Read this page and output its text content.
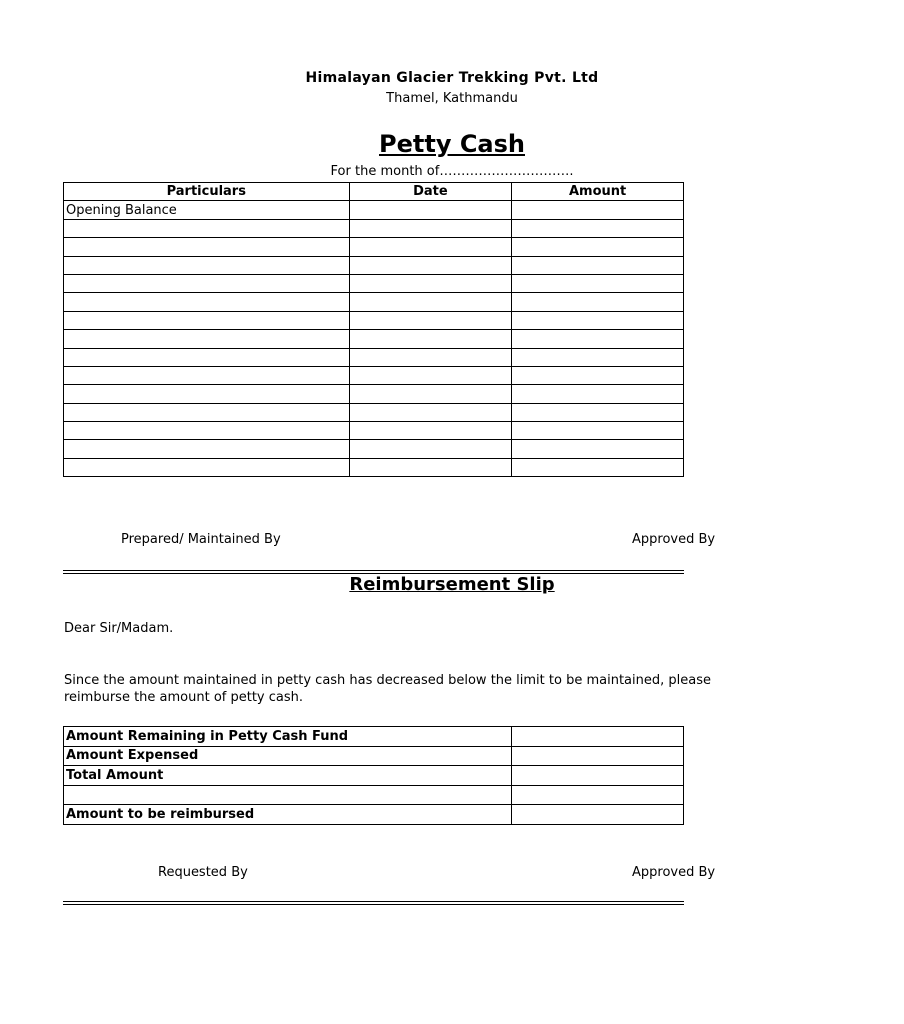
Himalayan Glacier Trekking Pvt. Ltd
Thamel, Kathmandu
Petty Cash
For the month of………………………….
Particulars	Date	Amount
Opening Balance		

Prepared/ Maintained By	Approved By
Reimbursement Slip
Dear Sir/Madam.
Since the amount maintained in petty cash has decreased below the limit to be maintained, please
reimburse the amount of petty cash.
Amount Remaining in Petty Cash Fund	
Amount Expensed	
Total Amount	

Amount to be reimbursed	
Requested By	Approved By
